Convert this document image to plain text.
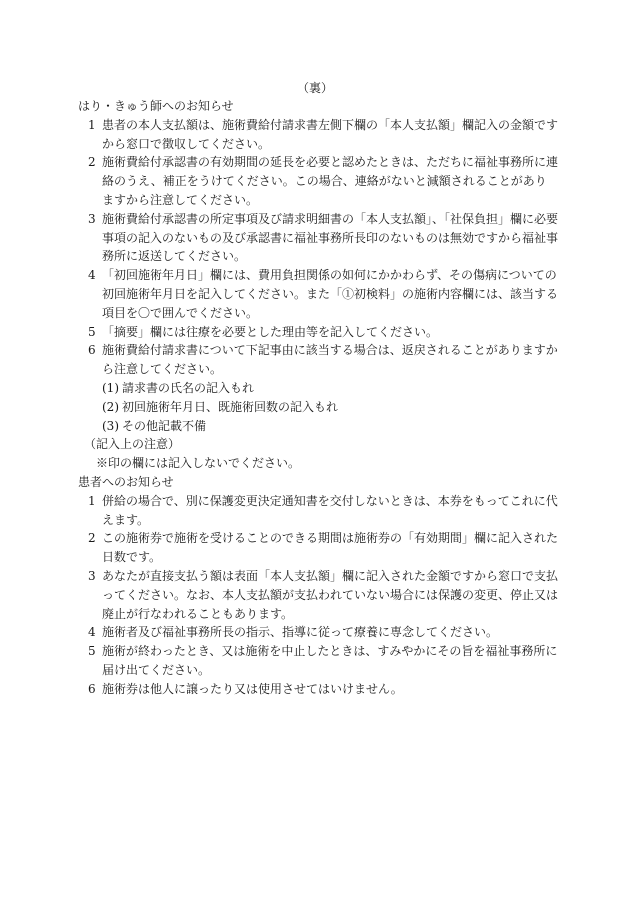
（裏）

はり・きゅう師へのお知らせ

1 患者の本人支払額は、施術費給付請求書左側下欄の「本人支払額」欄記入の金額ですから窓口で徴収してください。

2 施術費給付承認書の有効期間の延長を必要と認めたときは、ただちに福祉事務所に連絡のうえ、補正をうけてください。この場合、連絡がないと減額されることがありますから注意してください。

3 施術費給付承認書の所定事項及び請求明細書の「本人支払額」、「社保負担」欄に必要事項の記入のないもの及び承認書に福祉事務所長印のないものは無効ですから福祉事務所に返送してください。

4 「初回施術年月日」欄には、費用負担関係の如何にかかわらず、その傷病についての初回施術年月日を記入してください。また「①初検料」の施術内容欄には、該当する項目を〇で囲んでください。

5 「摘要」欄には往療を必要とした理由等を記入してください。

6 施術費給付請求書について下記事由に該当する場合は、返戻されることがありますから注意してください。

(1) 請求書の氏名の記入もれ

(2) 初回施術年月日、既施術回数の記入もれ

(3) その他記載不備

（記入上の注意）

※印の欄には記入しないでください。

患者へのお知らせ

1 併給の場合で、別に保護変更決定通知書を交付しないときは、本券をもってこれに代えます。

2 この施術券で施術を受けることのできる期間は施術券の「有効期間」欄に記入された日数です。

3 あなたが直接支払う額は表面「本人支払額」欄に記入された金額ですから窓口で支払ってください。なお、本人支払額が支払われていない場合には保護の変更、停止又は廃止が行なわれることもあります。

4 施術者及び福祉事務所長の指示、指導に従って療養に専念してください。

5 施術が終わったとき、又は施術を中止したときは、すみやかにその旨を福祉事務所に届け出てください。

6 施術券は他人に譲ったり又は使用させてはいけません。
